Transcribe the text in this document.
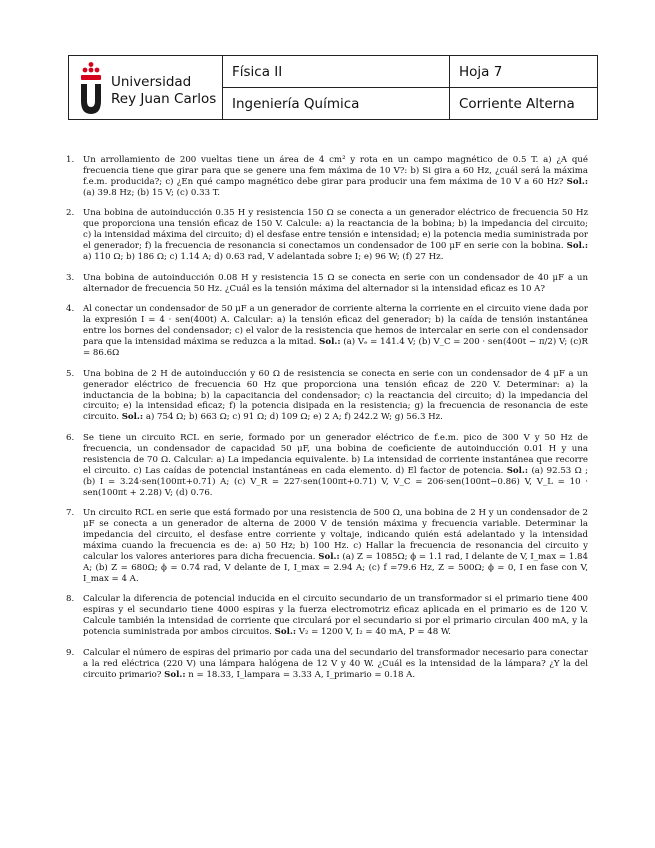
Universidad
Rey Juan Carlos
Física II
Ingeniería Química
Hoja 7
Corriente Alterna
1. Un arrollamiento de 200 vueltas tiene un área de 4 cm² y rota en un campo magnético de 0.5 T. a) ¿A qué frecuencia tiene que girar para que se genere una fem máxima de 10 V?: b) Si gira a 60 Hz, ¿cuál será la máxima f.e.m. producida?; c) ¿En qué campo magnético debe girar para producir una fem máxima de 10 V a 60 Hz? Sol.: (a) 39.8 Hz; (b) 15 V; (c) 0.33 T.
2. Una bobina de autoinducción 0.35 H y resistencia 150 Ω se conecta a un generador eléctrico de frecuencia 50 Hz que proporciona una tensión eficaz de 150 V. Calcule: a) la reactancia de la bobina; b) la impedancia del circuito; c) la intensidad máxima del circuito; d) el desfase entre tensión e intensidad; e) la potencia media suministrada por el generador; f) la frecuencia de resonancia si conectamos un condensador de 100 μF en serie con la bobina. Sol.: a) 110 Ω; b) 186 Ω; c) 1.14 A; d) 0.63 rad, V adelantada sobre I; e) 96 W; (f) 27 Hz.
3. Una bobina de autoinducción 0.08 H y resistencia 15 Ω se conecta en serie con un condensador de 40 μF a un alternador de frecuencia 50 Hz. ¿Cuál es la tensión máxima del alternador si la intensidad eficaz es 10 A?
4. Al conectar un condensador de 50 μF a un generador de corriente alterna la corriente en el circuito viene dada por la expresión I = 4 · sen(400t) A. Calcular: a) la tensión eficaz del generador; b) la caída de tensión instantánea entre los bornes del condensador; c) el valor de la resistencia que hemos de intercalar en serie con el condensador para que la intensidad máxima se reduzca a la mitad. Sol.: (a) Vₑ = 141.4 V; (b) V_C = 200 · sen(400t − π/2) V; (c)R = 86.6Ω
5. Una bobina de 2 H de autoinducción y 60 Ω de resistencia se conecta en serie con un condensador de 4 μF a un generador eléctrico de frecuencia 60 Hz que proporciona una tensión eficaz de 220 V. Determinar: a) la inductancia de la bobina; b) la capacitancia del condensador; c) la reactancia del circuito; d) la impedancia del circuito; e) la intensidad eficaz; f) la potencia disipada en la resistencia; g) la frecuencia de resonancia de este circuito. Sol.: a) 754 Ω; b) 663 Ω; c) 91 Ω; d) 109 Ω; e) 2 A; f) 242.2 W; g) 56.3 Hz.
6. Se tiene un circuito RCL en serie, formado por un generador eléctrico de f.e.m. pico de 300 V y 50 Hz de frecuencia, un condensador de capacidad 50 μF, una bobina de coeficiente de autoinducción 0.01 H y una resistencia de 70 Ω. Calcular: a) La impedancia equivalente. b) La intensidad de corriente instantánea que recorre el circuito. c) Las caídas de potencial instantáneas en cada elemento. d) El factor de potencia. Sol.: (a) 92.53 Ω ; (b) I = 3.24·sen(100πt+0.71) A; (c) V_R = 227·sen(100πt+0.71) V, V_C = 206·sen(100πt−0.86) V, V_L = 10 · sen(100πt + 2.28) V; (d) 0.76.
7. Un circuito RCL en serie que está formado por una resistencia de 500 Ω, una bobina de 2 H y un condensador de 2 μF se conecta a un generador de alterna de 2000 V de tensión máxima y frecuencia variable. Determinar la impedancia del circuito, el desfase entre corriente y voltaje, indicando quién está adelantado y la intensidad máxima cuando la frecuencia es de: a) 50 Hz; b) 100 Hz. c) Hallar la frecuencia de resonancia del circuito y calcular los valores anteriores para dicha frecuencia. Sol.: (a) Z = 1085Ω; ϕ = 1.1 rad, I delante de V, I_max = 1.84 A; (b) Z = 680Ω; ϕ = 0.74 rad, V delante de I, I_max = 2.94 A; (c) f =79.6 Hz, Z = 500Ω; ϕ = 0, I en fase con V, I_max = 4 A.
8. Calcular la diferencia de potencial inducida en el circuito secundario de un transformador si el primario tiene 400 espiras y el secundario tiene 4000 espiras y la fuerza electromotriz eficaz aplicada en el primario es de 120 V. Calcule también la intensidad de corriente que circulará por el secundario si por el primario circulan 400 mA, y la potencia suministrada por ambos circuitos. Sol.: V₂ = 1200 V, I₂ = 40 mA, P = 48 W.
9. Calcular el número de espiras del primario por cada una del secundario del transformador necesario para conectar a la red eléctrica (220 V) una lámpara halógena de 12 V y 40 W. ¿Cuál es la intensidad de la lámpara? ¿Y la del circuito primario? Sol.: n = 18.33, I_lampara = 3.33 A, I_primario = 0.18 A.
